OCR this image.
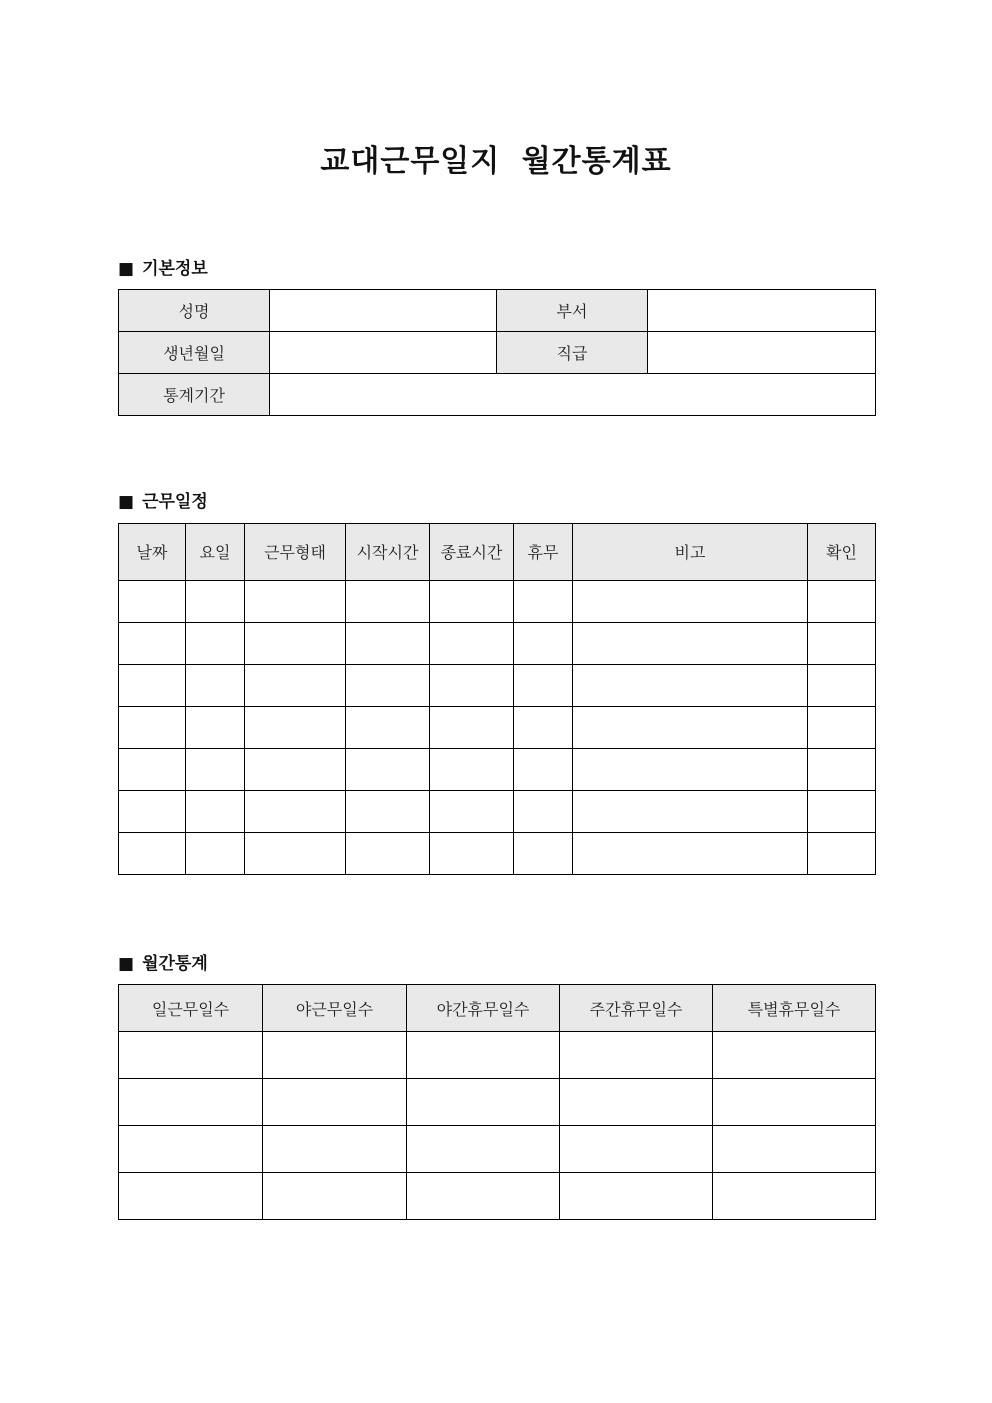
교대근무일지 월간통계표
■ 기본정보
성명		부서	
생년월일		직급	
통계기간			
■ 근무일정
날짜	요일	근무형태	시작시간	종료시간	휴무	비고	확인

■ 월간통계
일근무일수	야근무일수	야간휴무일수	주간휴무일수	특별휴무일수
